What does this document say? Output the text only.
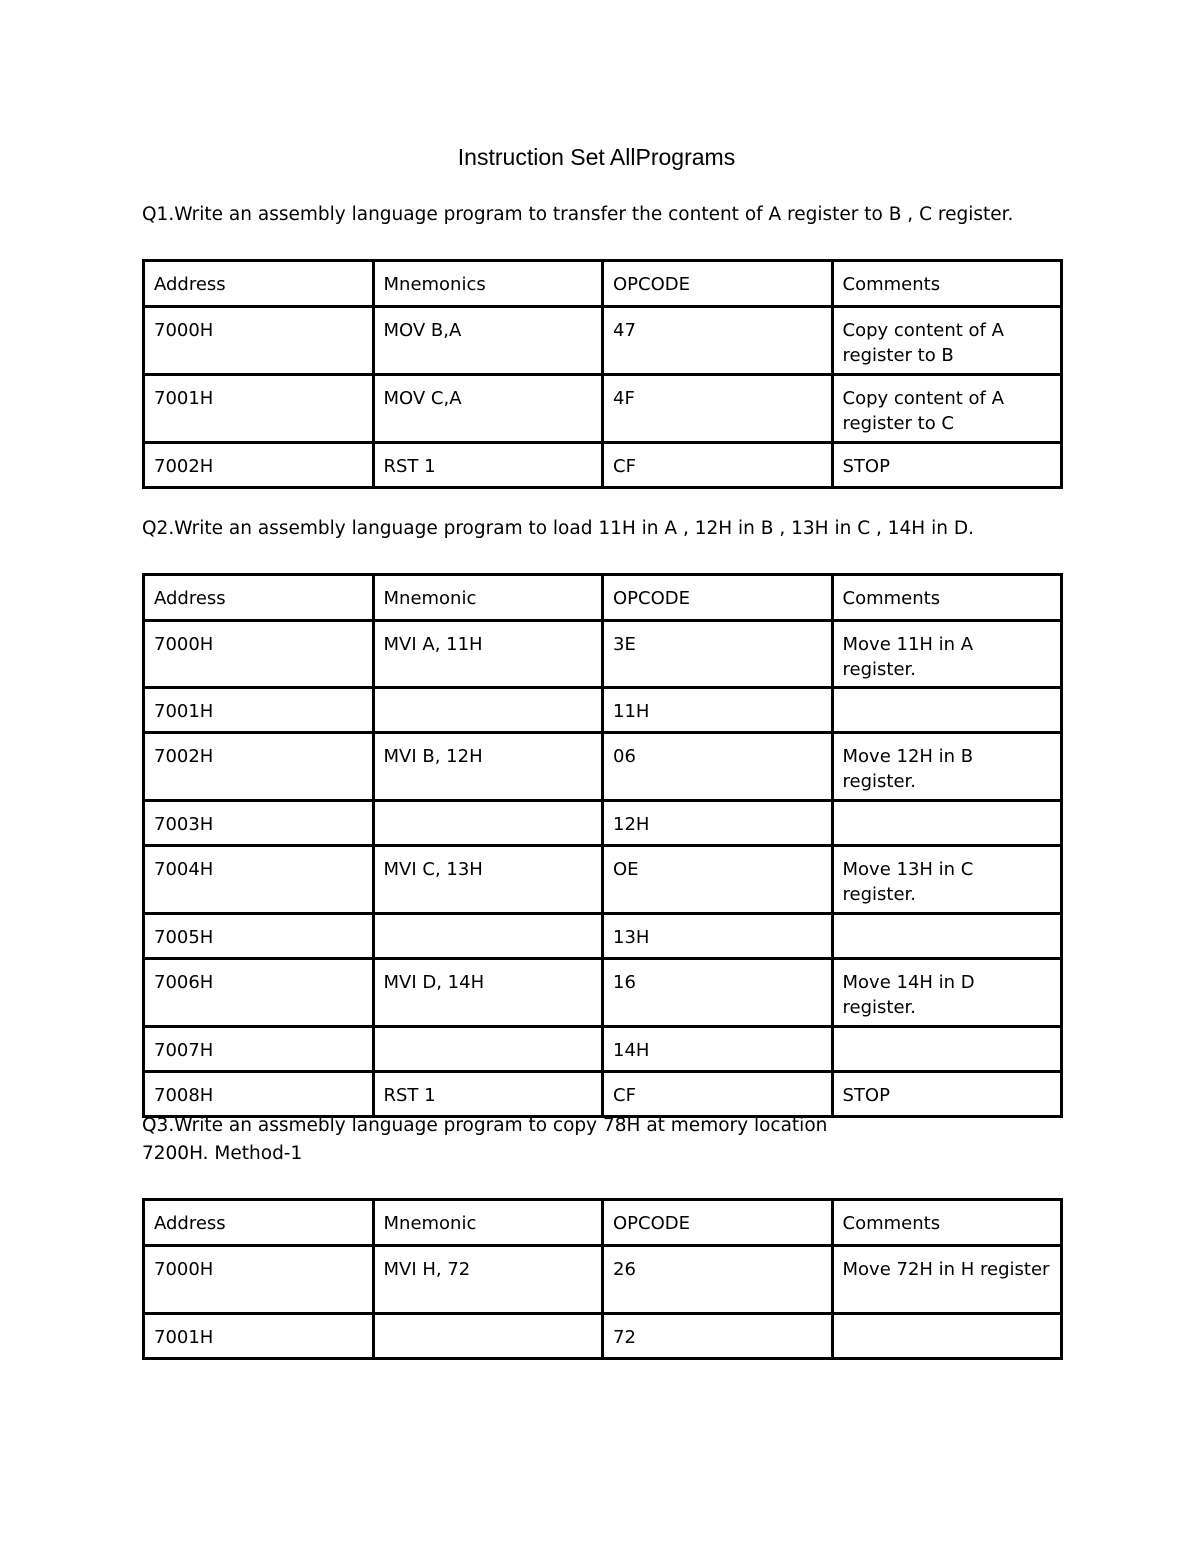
Instruction Set AllPrograms

Q1.Write an assembly language program to transfer the content of A register to B , C register.

Address	Mnemonics	OPCODE	Comments
7000H	MOV B,A	47	Copy content of A register to B
7001H	MOV C,A	4F	Copy content of A register to C
7002H	RST 1	CF	STOP

Q2.Write an assembly language program to load 11H in A , 12H in B , 13H in C , 14H in D.

Address	Mnemonic	OPCODE	Comments
7000H	MVI A, 11H	3E	Move 11H in A register.
7001H		11H	
7002H	MVI B, 12H	06	Move 12H in B register.
7003H		12H	
7004H	MVI C, 13H	OE	Move 13H in C register.
7005H		13H	
7006H	MVI D, 14H	16	Move 14H in D register.
7007H		14H	
7008H	RST 1	CF	STOP
Q3.Write an assmebly language program to copy 78H at memory location
7200H. Method-1
Address	Mnemonic	OPCODE	Comments
7000H	MVI H, 72	26	Move 72H in H register
7001H		72	
